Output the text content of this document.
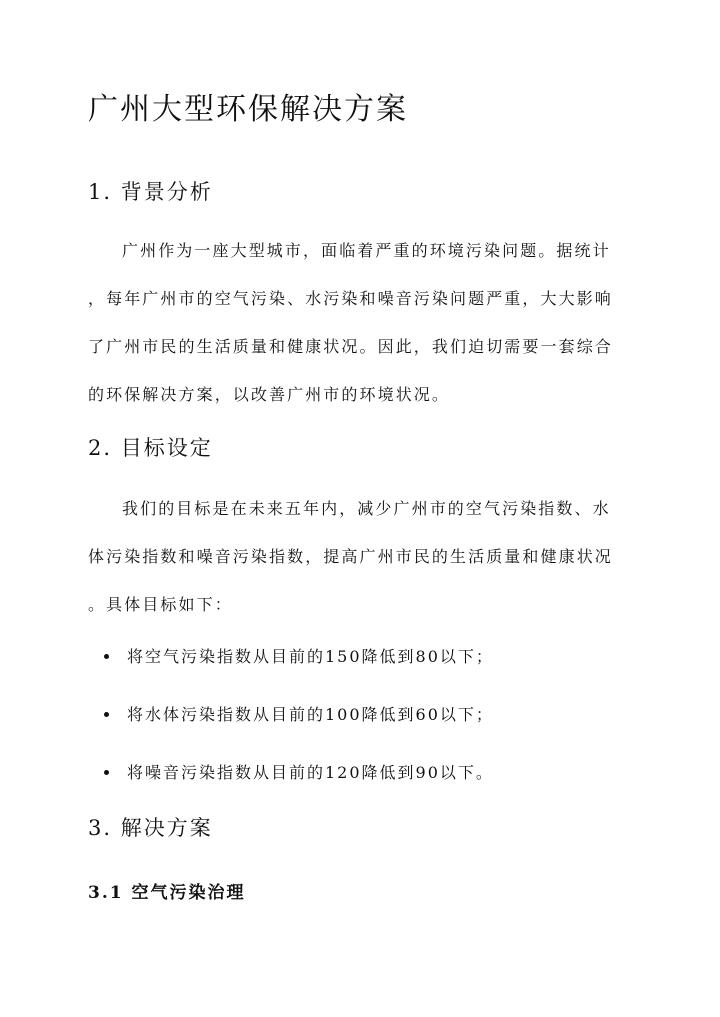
广州大型环保解决方案
1. 背景分析

广州作为一座大型城市，面临着严重的环境污染问题。据统计
，每年广州市的空气污染、水污染和噪音污染问题严重，大大影响
了广州市民的生活质量和健康状况。因此，我们迫切需要一套综合
的环保解决方案，以改善广州市的环境状况。

2. 目标设定

我们的目标是在未来五年内，减少广州市的空气污染指数、水
体污染指数和噪音污染指数，提高广州市民的生活质量和健康状况
。具体目标如下：

将空气污染指数从目前的150降低到80以下；
将水体污染指数从目前的100降低到60以下；
将噪音污染指数从目前的120降低到90以下。
3. 解决方案
3.1 空气污染治理
